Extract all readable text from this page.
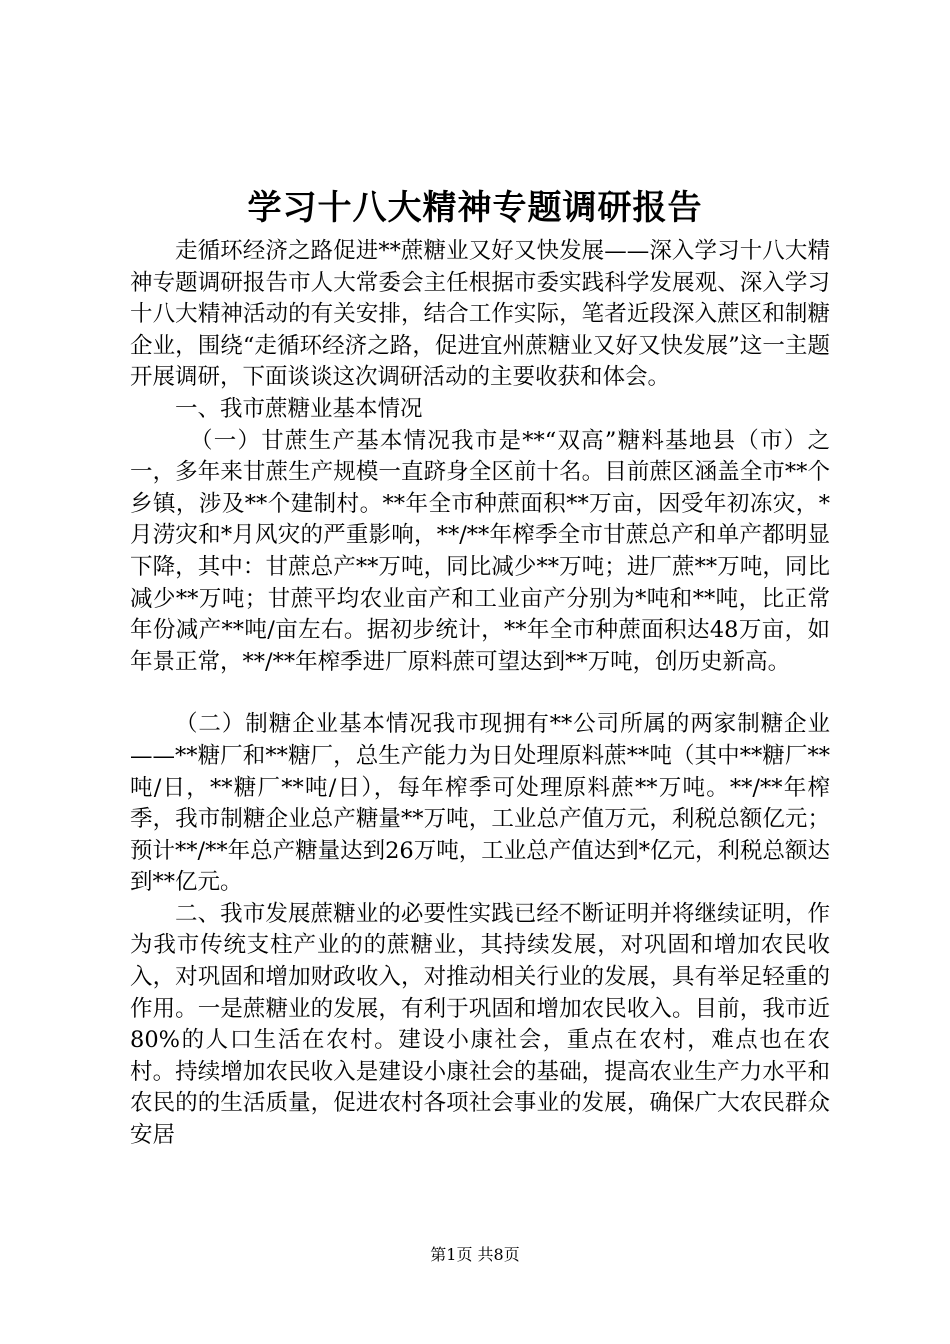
学习十八大精神专题调研报告

走循环经济之路促进**蔗糖业又好又快发展——深入学习十八大精神专题调研报告市人大常委会主任根据市委实践科学发展观、深入学习十八大精神活动的有关安排，结合工作实际，笔者近段深入蔗区和制糖企业，围绕“走循环经济之路，促进宜州蔗糖业又好又快发展”这一主题开展调研，下面谈谈这次调研活动的主要收获和体会。

一、我市蔗糖业基本情况

（一）甘蔗生产基本情况我市是**“双高”糖料基地县（市）之一，多年来甘蔗生产规模一直跻身全区前十名。目前蔗区涵盖全市**个乡镇，涉及**个建制村。**年全市种蔗面积**万亩，因受年初冻灾，*月涝灾和*月风灾的严重影响，**/**年榨季全市甘蔗总产和单产都明显下降，其中：甘蔗总产**万吨，同比减少**万吨；进厂蔗**万吨，同比减少**万吨；甘蔗平均农业亩产和工业亩产分别为*吨和**吨，比正常年份减产**吨/亩左右。据初步统计，**年全市种蔗面积达48万亩，如年景正常，**/**年榨季进厂原料蔗可望达到**万吨，创历史新高。

（二）制糖企业基本情况我市现拥有**公司所属的两家制糖企业——**糖厂和**糖厂，总生产能力为日处理原料蔗**吨（其中**糖厂**吨/日，**糖厂**吨/日），每年榨季可处理原料蔗**万吨。**/**年榨季，我市制糖企业总产糖量**万吨，工业总产值万元，利税总额亿元；预计**/**年总产糖量达到26万吨，工业总产值达到*亿元，利税总额达到**亿元。

二、我市发展蔗糖业的必要性实践已经不断证明并将继续证明，作为我市传统支柱产业的的蔗糖业，其持续发展，对巩固和增加农民收入，对巩固和增加财政收入，对推动相关行业的发展，具有举足轻重的作用。一是蔗糖业的发展，有利于巩固和增加农民收入。目前，我市近80%的人口生活在农村。建设小康社会，重点在农村，难点也在农村。持续增加农民收入是建设小康社会的基础，提高农业生产力水平和农民的的生活质量，促进农村各项社会事业的发展，确保广大农民群众安居

第1页 共8页
